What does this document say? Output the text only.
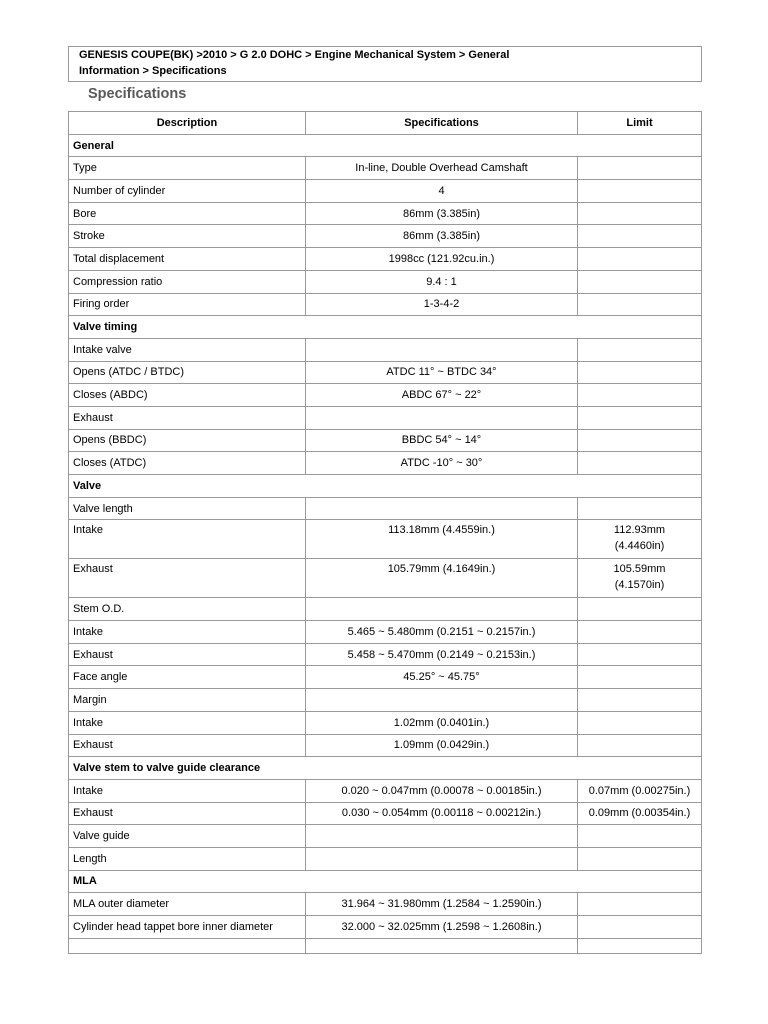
GENESIS COUPE(BK) >2010 > G 2.0 DOHC > Engine Mechanical System > General
Information > Specifications
Specifications
Description	Specifications	Limit
General		
Type	In-line, Double Overhead Camshaft	
Number of cylinder	4	
Bore	86mm (3.385in)	
Stroke	86mm (3.385in)	
Total displacement	1998cc (121.92cu.in.)	
Compression ratio	9.4 : 1	
Firing order	1-3-4-2	
Valve timing		
Intake valve		
Opens (ATDC / BTDC)	ATDC 11° ~ BTDC 34°	
Closes (ABDC)	ABDC 67° ~ 22°	
Exhaust		
Opens (BBDC)	BBDC 54° ~ 14°	
Closes (ATDC)	ATDC -10° ~ 30°	
Valve		
Valve length		
Intake	113.18mm (4.4559in.)	112.93mm
(4.4460in)

Exhaust	105.79mm (4.1649in.)	105.59mm
(4.1570in)

Stem O.D.		
Intake	5.465 ~ 5.480mm (0.2151 ~ 0.2157in.)	
Exhaust	5.458 ~ 5.470mm (0.2149 ~ 0.2153in.)	
Face angle	45.25° ~ 45.75°	
Margin		
Intake	1.02mm (0.0401in.)	
Exhaust	1.09mm (0.0429in.)	
Valve stem to valve guide clearance		
Intake	0.020 ~ 0.047mm (0.00078 ~ 0.00185in.)	0.07mm (0.00275in.)
Exhaust	0.030 ~ 0.054mm (0.00118 ~ 0.00212in.)	0.09mm (0.00354in.)
Valve guide		
Length		
MLA		
MLA outer diameter	31.964 ~ 31.980mm (1.2584 ~ 1.2590in.)	
Cylinder head tappet bore inner diameter	32.000 ~ 32.025mm (1.2598 ~ 1.2608in.)	
